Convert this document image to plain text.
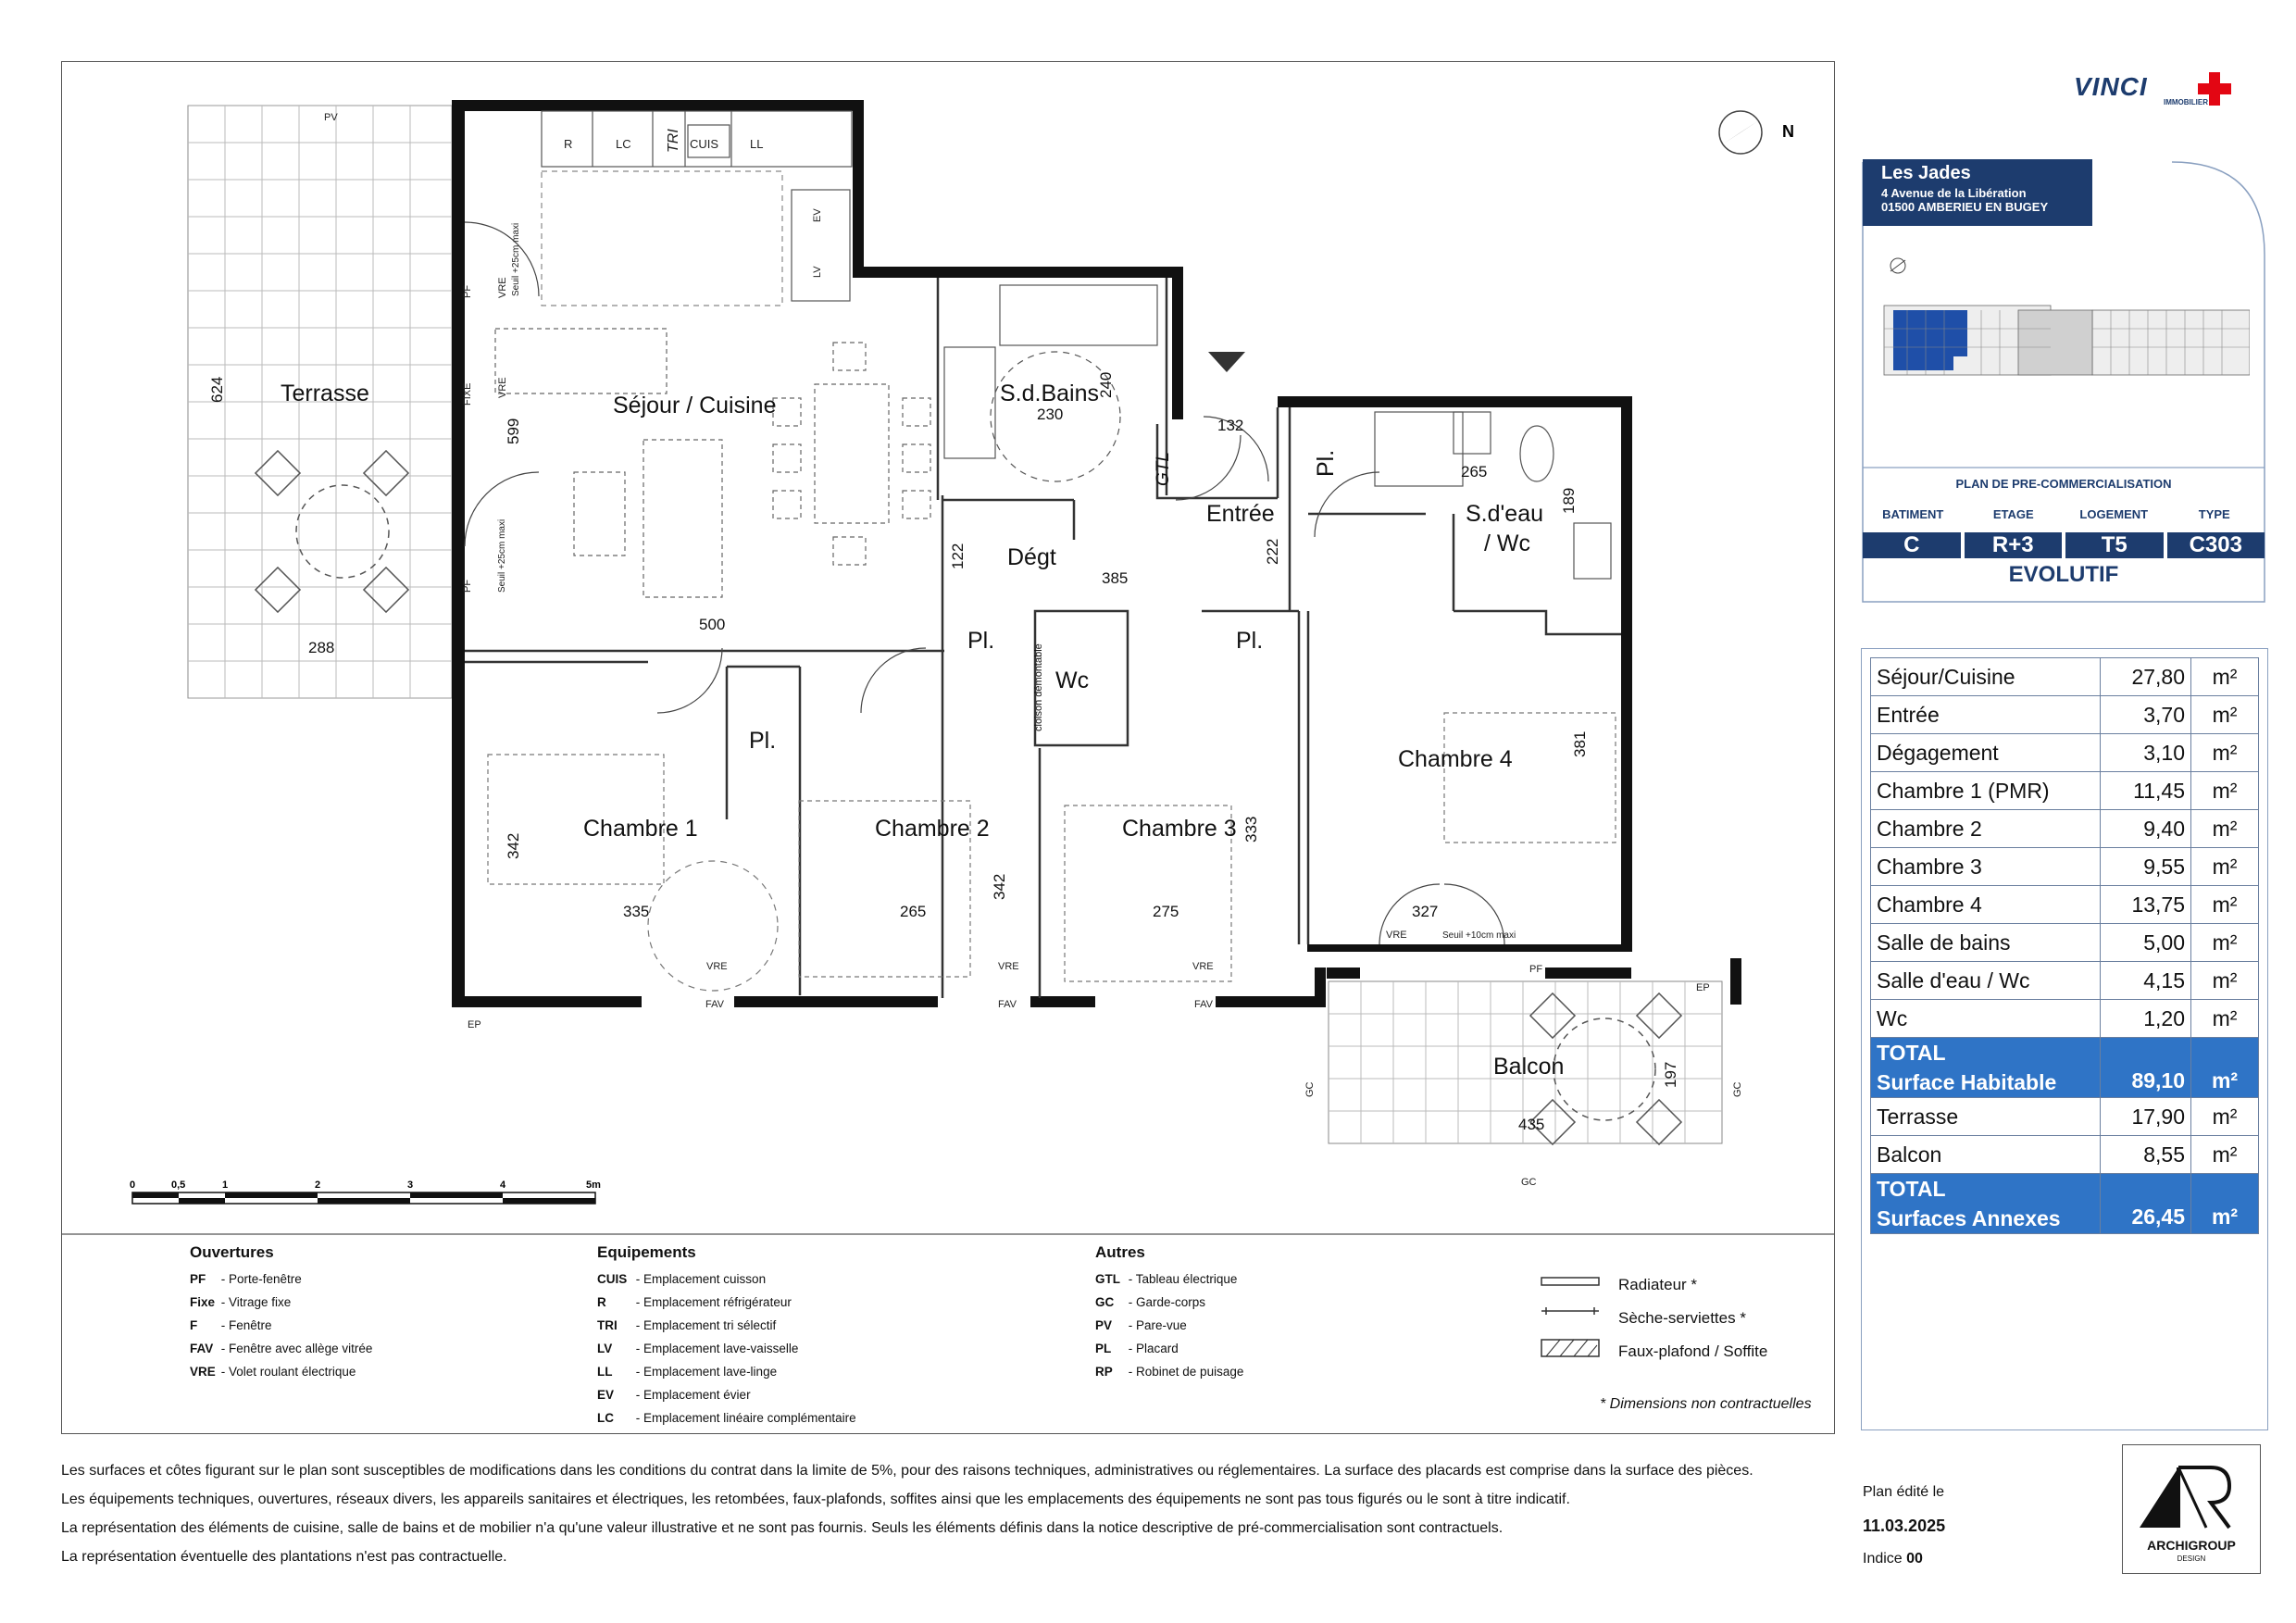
R	LC TRI CUIS	LL
EV
LV
N
Terrasse	Séjour / Cuisine	S.d.Bains
Entrée	S.d'eau
/ Wc
Dégt
Wc
Chambre 1	Chambre 2	Chambre 3
Chambre 4
Balcon
Pl.
Pl.	Pl.
Pl.
GTL
cloison démontable
624
288
599
500
230
240
132
265
189
122
385
222
381
342
335	265
342
275
333
327
197
435
PV
PF
PF
FIXE
VRE
VRE
Seuil +25cm maxi
Seuil +25cm maxi
VRE
FAV
VRE
FAV
VRE
FAV
VRE	Seuil +10cm maxi
PF
EP
EP
GC	GC
GC
0	0,5	1	2	3	4	5m
Ouvertures
PF - Porte-fenêtre
Fixe - Vitrage fixe
F - Fenêtre
FAV - Fenêtre avec allège vitrée
VRE - Volet roulant électrique
Equipements
CUIS - Emplacement cuisson
R - Emplacement réfrigérateur
TRI - Emplacement tri sélectif
LV - Emplacement lave-vaisselle
LL - Emplacement lave-linge
EV - Emplacement évier
LC - Emplacement linéaire complémentaire
Autres
GTL - Tableau électrique
GC - Garde-corps
PV - Pare-vue
PL - Placard
RP - Robinet de puisage
Radiateur *
Sèche-serviettes *
Faux-plafond / Soffite
* Dimensions non contractuelles
Les surfaces et côtes figurant sur le plan sont susceptibles de modifications dans les conditions du contrat dans la limite de 5%, pour des raisons techniques, administratives ou réglementaires. La surface des placards est comprise dans la surface des pièces.
Les équipements techniques, ouvertures, réseaux divers, les appareils sanitaires et électriques, les retombées, faux-plafonds, soffites ainsi que les emplacements des équipements ne sont pas tous figurés ou le sont à titre indicatif.
La représentation des éléments de cuisine, salle de bains et de mobilier n'a qu'une valeur illustrative et ne sont pas fournis. Seuls les éléments définis dans la notice descriptive de pré-commercialisation sont contractuels.
La représentation éventuelle des plantations n'est pas contractuelle.
VINCI
IMMOBILIER
Les Jades
4 Avenue de la Libération
01500 AMBERIEU EN BUGEY
PLAN DE PRE-COMMERCIALISATION
BATIMENT	ETAGE	LOGEMENT	TYPE
C	R+3	T5	C303
EVOLUTIF
Séjour/Cuisine	27,80	m²
Entrée	3,70	m²
Dégagement	3,10	m²
Chambre 1 (PMR)	11,45	m²
Chambre 2	9,40	m²
Chambre 3	9,55	m²
Chambre 4	13,75	m²
Salle de bains	5,00	m²
Salle d'eau / Wc	4,15	m²
Wc	1,20	m²

TOTAL
Surface Habitable	89,10	m²
Terrasse	17,90	m²
Balcon	8,55	m²

TOTAL
Surfaces Annexes	26,45	m²
Plan édité le
11.03.2025
Indice 00
ARCHIGROUP
DESIGN
